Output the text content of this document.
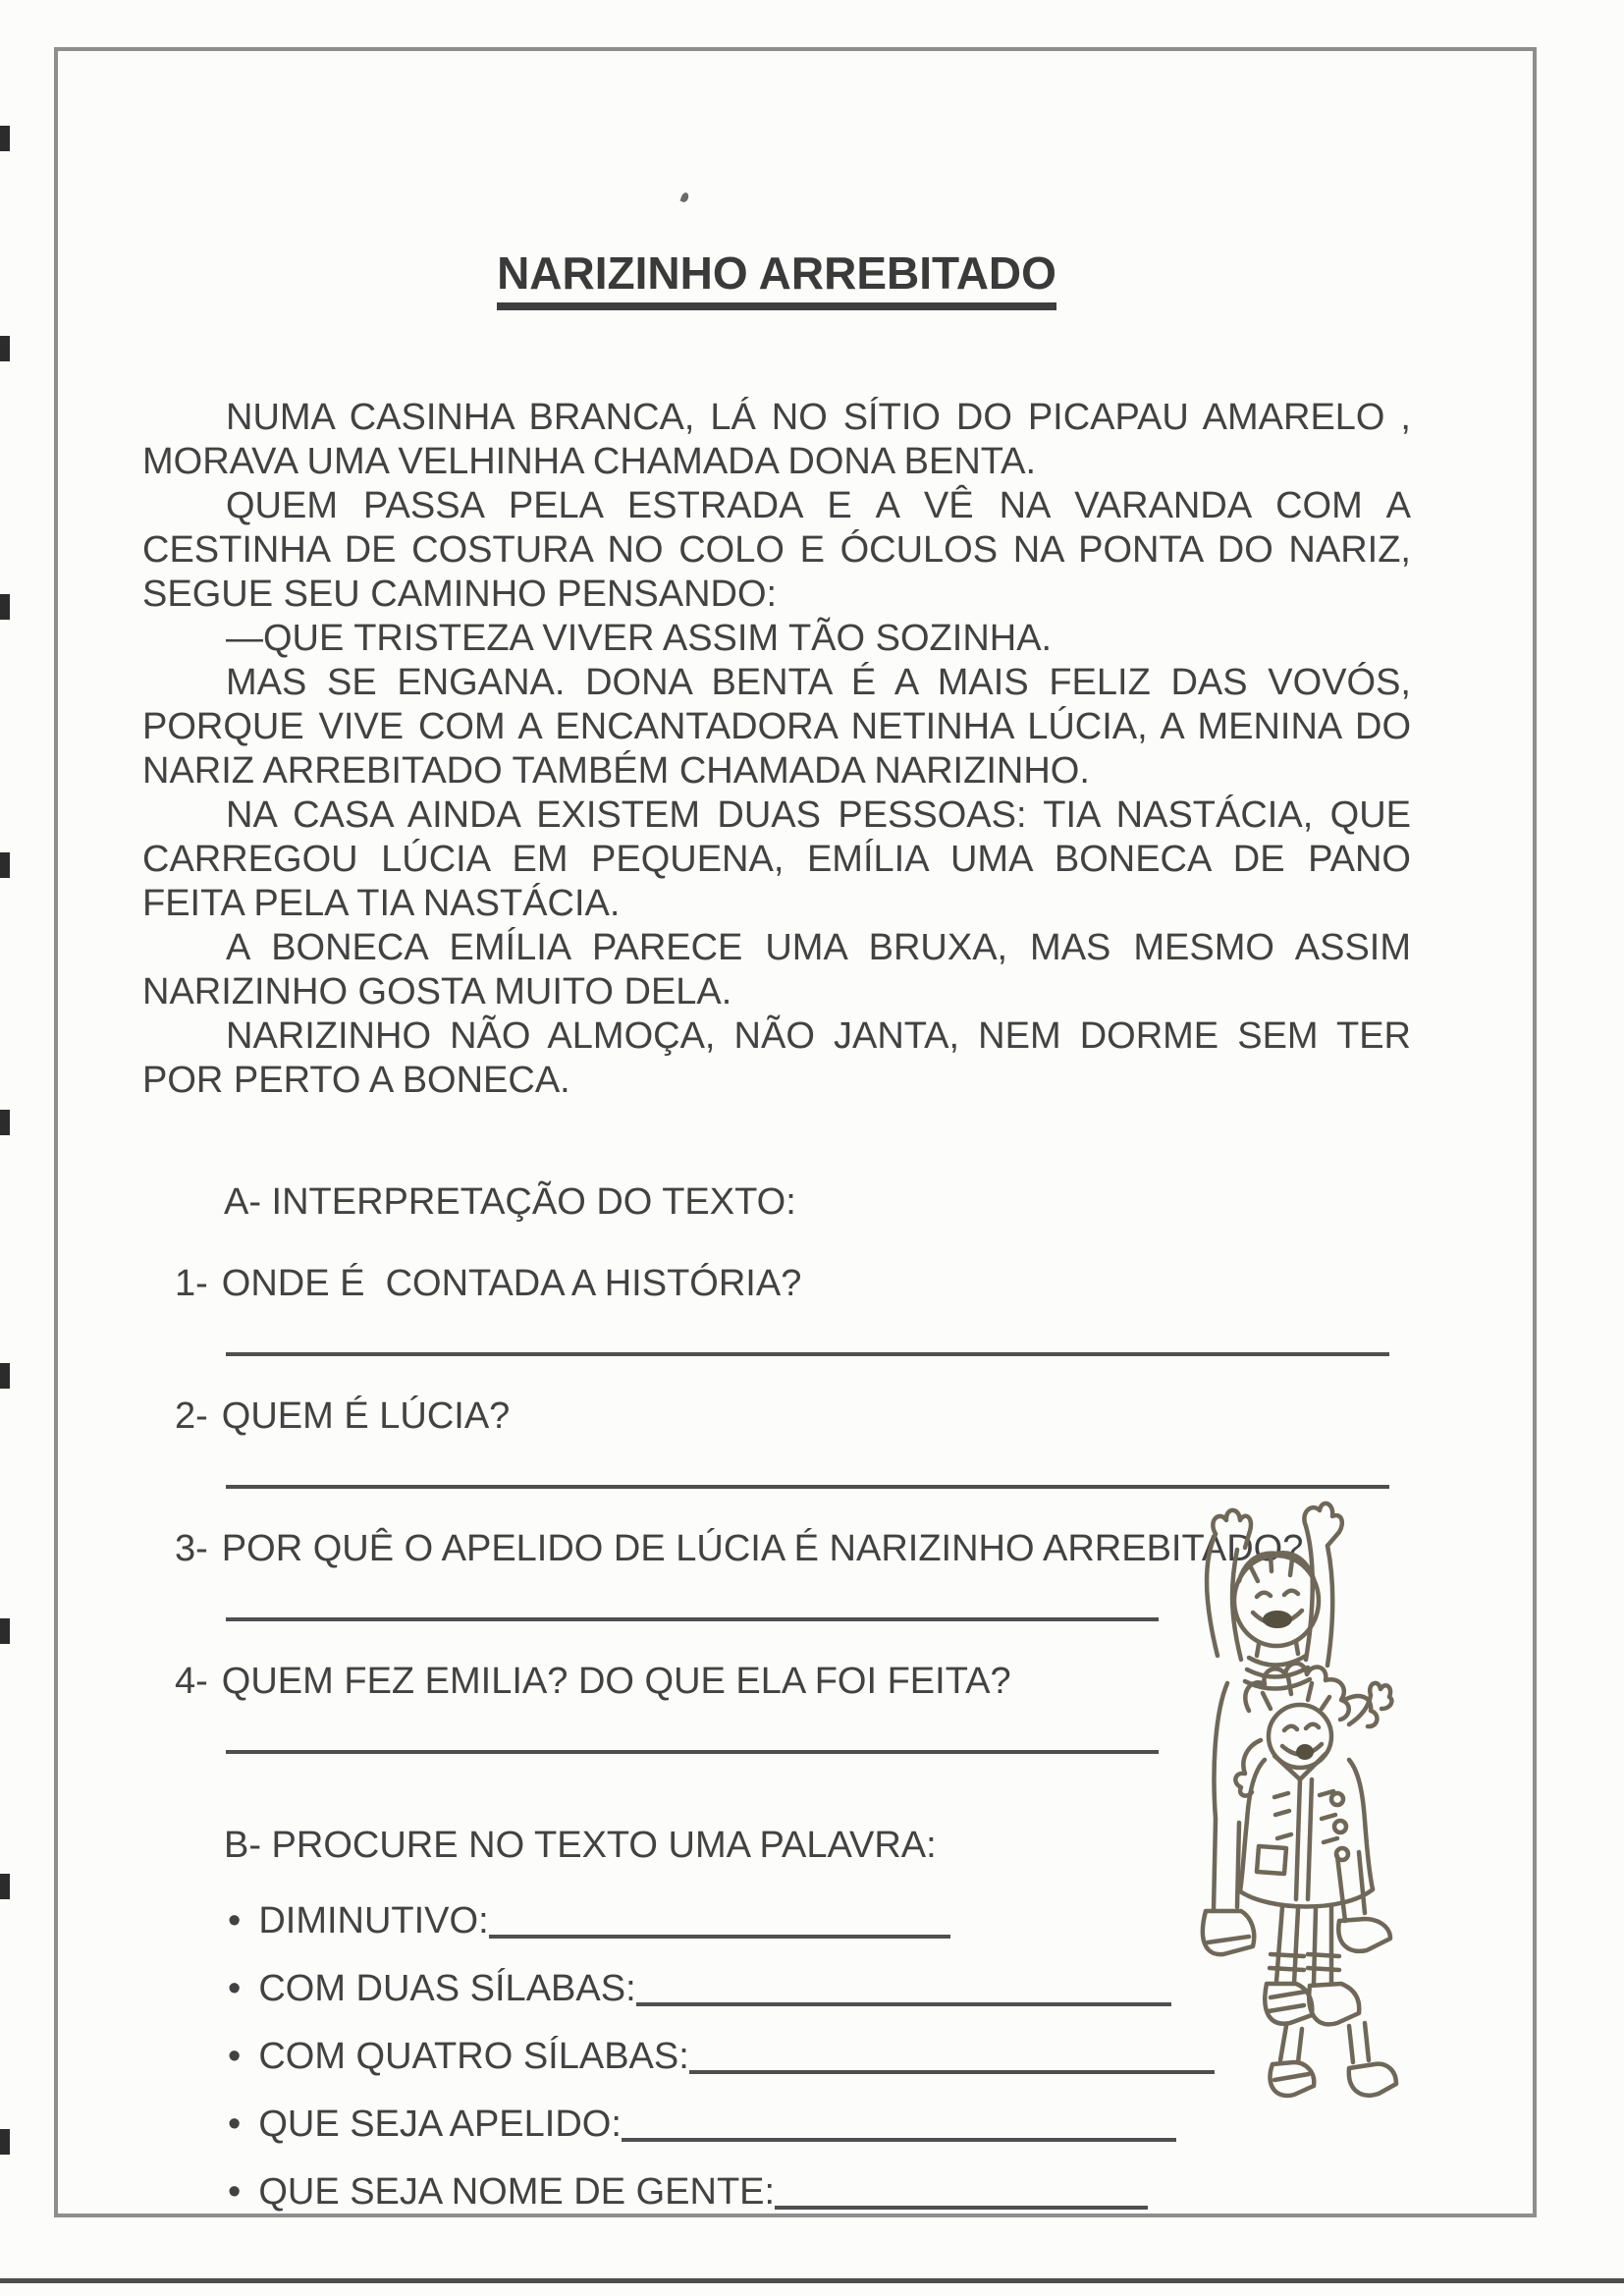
NARIZINHO ARREBITADO

NUMA CASINHA BRANCA, LÁ NO SÍTIO DO PICAPAU AMARELO , MORAVA UMA VELHINHA CHAMADA DONA BENTA.

QUEM PASSA PELA ESTRADA E A VÊ NA VARANDA COM A CESTINHA DE COSTURA NO COLO E ÓCULOS NA PONTA DO NARIZ, SEGUE SEU CAMINHO PENSANDO:

—QUE TRISTEZA VIVER ASSIM TÃO SOZINHA.

MAS SE ENGANA. DONA BENTA É A MAIS FELIZ DAS VOVÓS, PORQUE VIVE COM A ENCANTADORA NETINHA LÚCIA, A MENINA DO NARIZ ARREBITADO TAMBÉM CHAMADA NARIZINHO.

NA CASA AINDA EXISTEM DUAS PESSOAS: TIA NASTÁCIA, QUE CARREGOU LÚCIA EM PEQUENA, EMÍLIA UMA BONECA DE PANO FEITA PELA TIA NASTÁCIA.

A BONECA EMÍLIA PARECE UMA BRUXA, MAS MESMO ASSIM NARIZINHO GOSTA MUITO DELA.

NARIZINHO NÃO ALMOÇA, NÃO JANTA, NEM DORME SEM TER POR PERTO A BONECA.

A- INTERPRETAÇÃO DO TEXTO:
1- ONDE É  CONTADA A HISTÓRIA?
2- QUEM É LÚCIA?
3- POR QUÊ O APELIDO DE LÚCIA É NARIZINHO ARREBITADO?
4- QUEM FEZ EMILIA? DO QUE ELA FOI FEITA?
B- PROCURE NO TEXTO UMA PALAVRA:
• DIMINUTIVO:
• COM DUAS SÍLABAS:
• COM QUATRO SÍLABAS:
• QUE SEJA APELIDO:
• QUE SEJA NOME DE GENTE:
